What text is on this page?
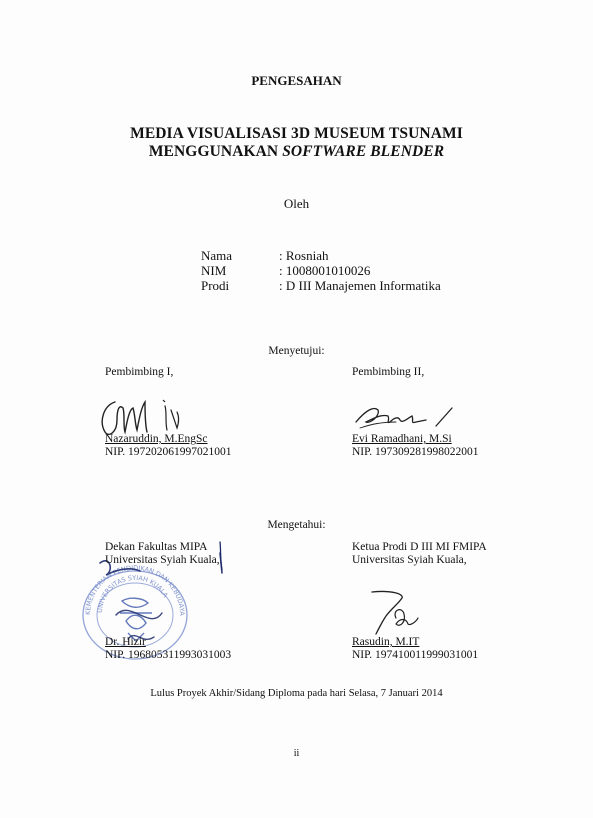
PENGESAHAN
MEDIA VISUALISASI 3D MUSEUM TSUNAMI
MENGGUNAKAN SOFTWARE BLENDER
Oleh
Nama	: Rosniah
NIM	: 1008001010026
Prodi	: D III Manajemen Informatika
Menyetujui:
Pembimbing I,	Pembimbing II,
Nazaruddin, M.EngSc
NIP. 197202061997021001
Evi Ramadhani, M.Si
NIP. 197309281998022001
Mengetahui:
KEMENTERIAN PENDIDIKAN DAN KEBUDAYAAN
UNIVERSITAS SYIAH KUALA
Dekan Fakultas MIPA
Universitas Syiah Kuala,
Ketua Prodi D III MI FMIPA
Universitas Syiah Kuala,
Dr. Hizir
NIP. 196805311993031003
Rasudin, M.IT
NIP. 197410011999031001
Lulus Proyek Akhir/Sidang Diploma pada hari Selasa, 7 Januari 2014
ii
